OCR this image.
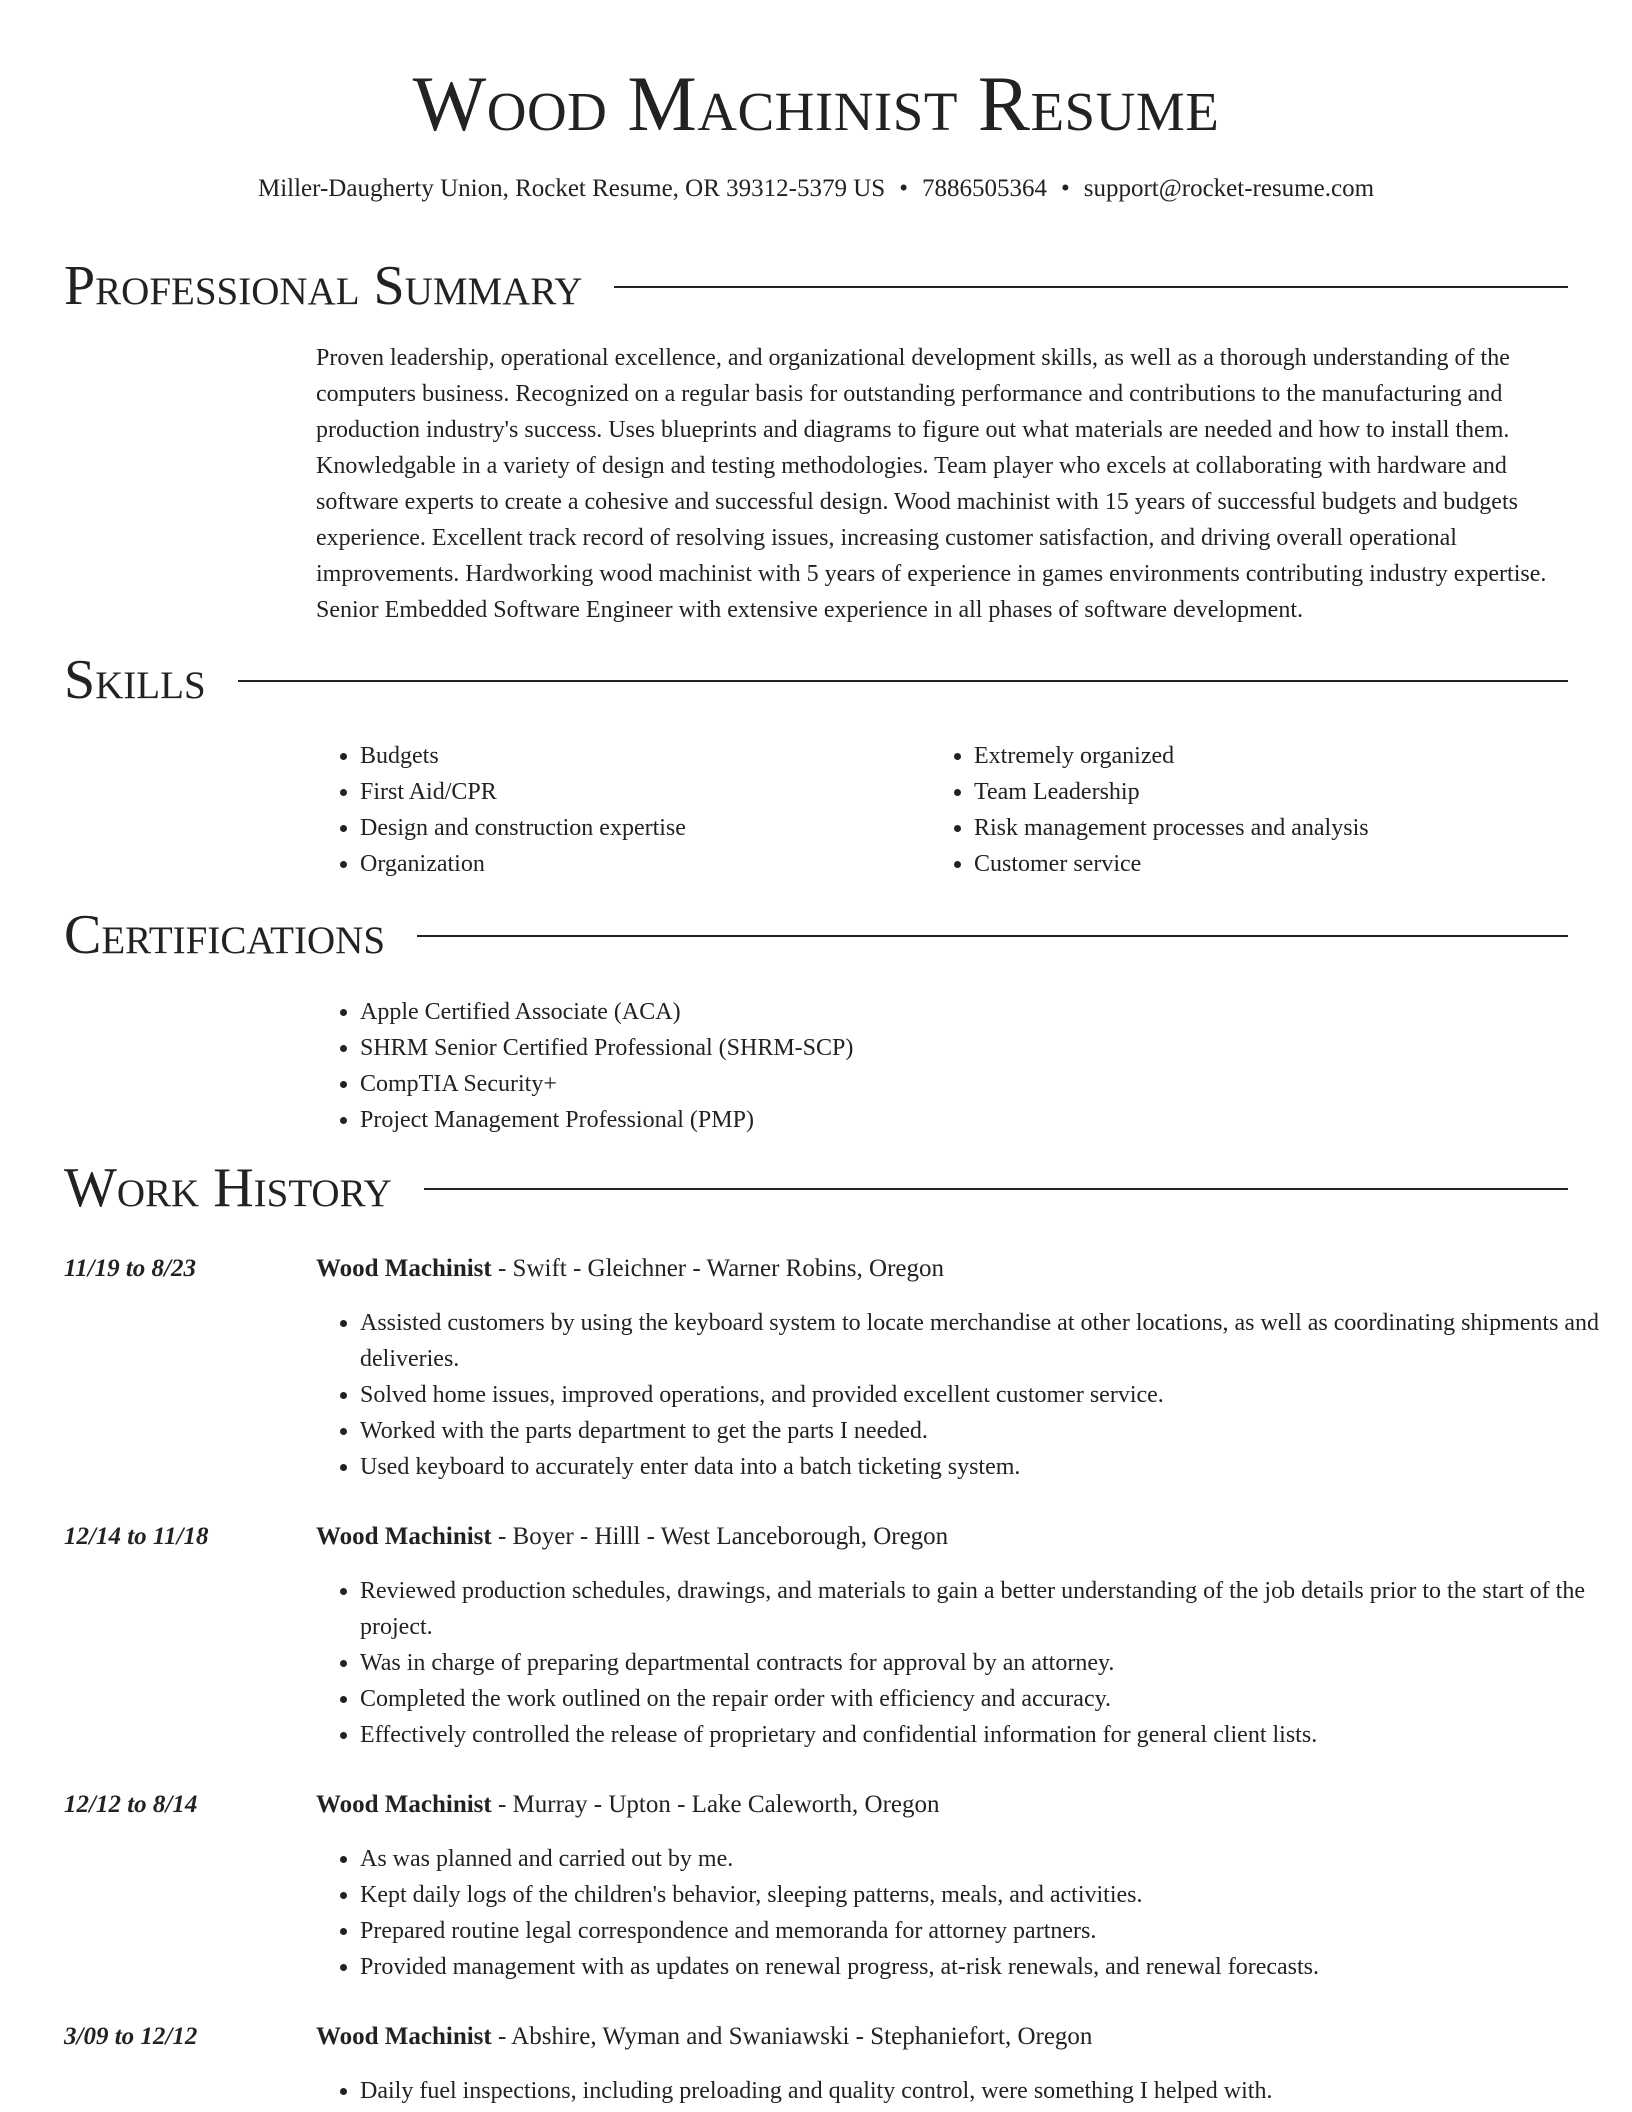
Wood Machinist Resume
Miller-Daugherty Union, Rocket Resume, OR 39312-5379 US • 7886505364 • support@rocket-resume.com
Professional Summary

Proven leadership, operational excellence, and organizational development skills, as well as a thorough understanding of the computers business. Recognized on a regular basis for outstanding performance and contributions to the manufacturing and production industry's success. Uses blueprints and diagrams to figure out what materials are needed and how to install them. Knowledgable in a variety of design and testing methodologies. Team player who excels at collaborating with hardware and software experts to create a cohesive and successful design. Wood machinist with 15 years of successful budgets and budgets experience. Excellent track record of resolving issues, increasing customer satisfaction, and driving overall operational improvements. Hardworking wood machinist with 5 years of experience in games environments contributing industry expertise. Senior Embedded Software Engineer with extensive experience in all phases of software development.

Skills
• Budgets
• First Aid/CPR
• Design and construction expertise
• Organization
• Extremely organized
• Team Leadership
• Risk management processes and analysis
• Customer service
Certifications
• Apple Certified Associate (ACA)
• SHRM Senior Certified Professional (SHRM-SCP)
• CompTIA Security+
• Project Management Professional (PMP)
Work History
11/19 to 8/23	Wood Machinist - Swift - Gleichner - Warner Robins, Oregon
• Assisted customers by using the keyboard system to locate merchandise at other locations, as well as coordinating shipments and deliveries.
• Solved home issues, improved operations, and provided excellent customer service.
• Worked with the parts department to get the parts I needed.
• Used keyboard to accurately enter data into a batch ticketing system.
12/14 to 11/18	Wood Machinist - Boyer - Hilll - West Lanceborough, Oregon
• Reviewed production schedules, drawings, and materials to gain a better understanding of the job details prior to the start of the project.
• Was in charge of preparing departmental contracts for approval by an attorney.
• Completed the work outlined on the repair order with efficiency and accuracy.
• Effectively controlled the release of proprietary and confidential information for general client lists.
12/12 to 8/14	Wood Machinist - Murray - Upton - Lake Caleworth, Oregon
• As was planned and carried out by me.
• Kept daily logs of the children's behavior, sleeping patterns, meals, and activities.
• Prepared routine legal correspondence and memoranda for attorney partners.
• Provided management with as updates on renewal progress, at-risk renewals, and renewal forecasts.
3/09 to 12/12	Wood Machinist - Abshire, Wyman and Swaniawski - Stephaniefort, Oregon
• Daily fuel inspections, including preloading and quality control, were something I helped with.
